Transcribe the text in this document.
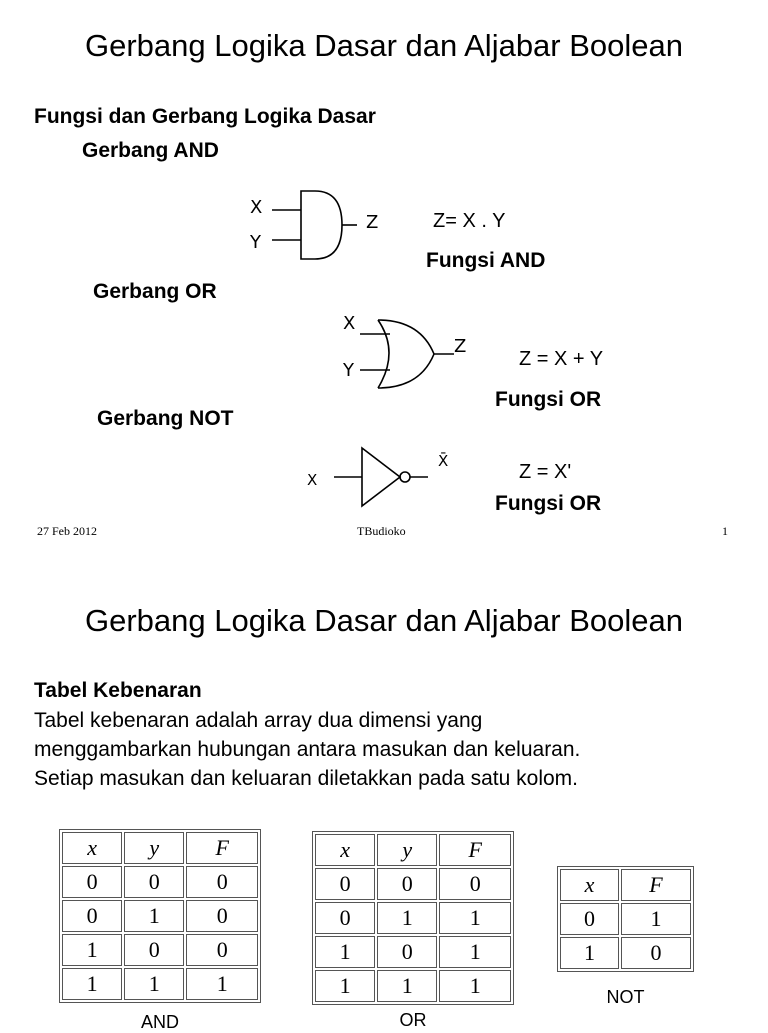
Gerbang Logika Dasar dan Aljabar Boolean
Fungsi dan Gerbang Logika Dasar
Gerbang AND
X
Y
Z	Z= X . Y
Fungsi AND
Gerbang OR
X
Y
Z
Z = X + Y
Fungsi OR
Gerbang NOT
X
X̄	Z = X'
Fungsi OR
27 Feb 2012	TBudioko	1
Gerbang Logika Dasar dan Aljabar Boolean
Tabel Kebenaran
Tabel kebenaran adalah array dua dimensi yang
menggambarkan hubungan antara masukan dan keluaran.
Setiap masukan dan keluaran diletakkan pada satu kolom.
x	y	F
0	0	0
0	1	0
1	0	0
1	1	1
AND
x	y	F
0	0	0
0	1	1
1	0	1
1	1	1
OR
x	F
0	1
1	0
NOT
